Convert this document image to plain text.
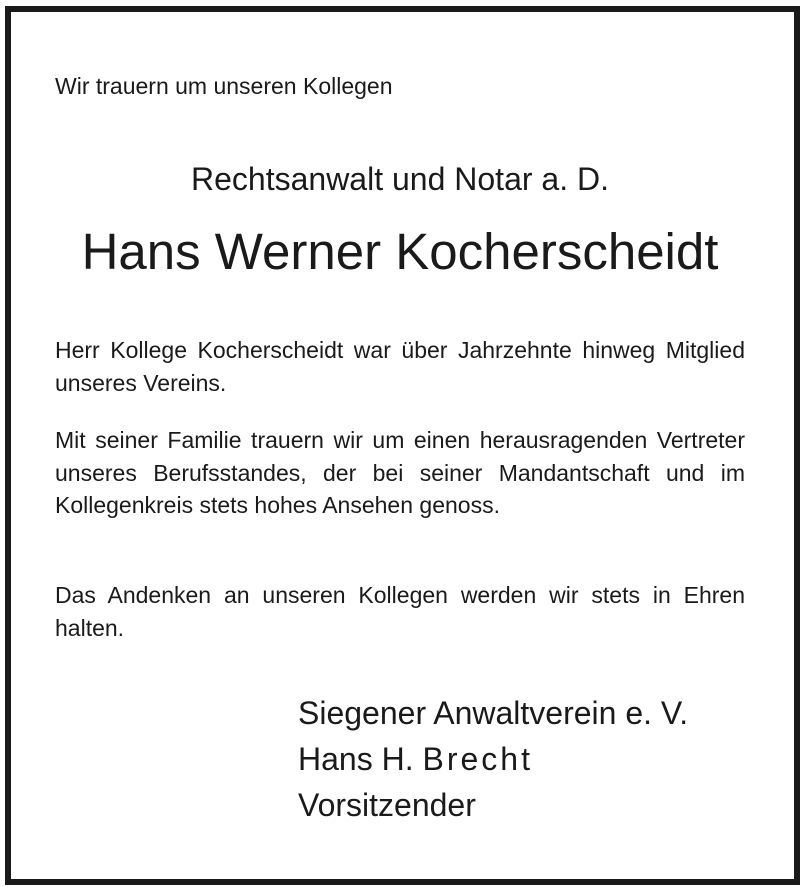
Wir trauern um unseren Kollegen
Rechtsanwalt und Notar a. D.
Hans Werner Kocherscheidt
Herr Kollege Kocherscheidt war über Jahrzehnte hinweg Mitglied unseres Vereins.
Mit seiner Familie trauern wir um einen herausragenden Vertreter unseres Berufsstandes, der bei seiner Mandantschaft und im Kollegenkreis stets hohes Ansehen genoss.
Das Andenken an unseren Kollegen werden wir stets in Ehren halten.
Siegener Anwaltverein e. V.
Hans H. Brecht
Vorsitzender
